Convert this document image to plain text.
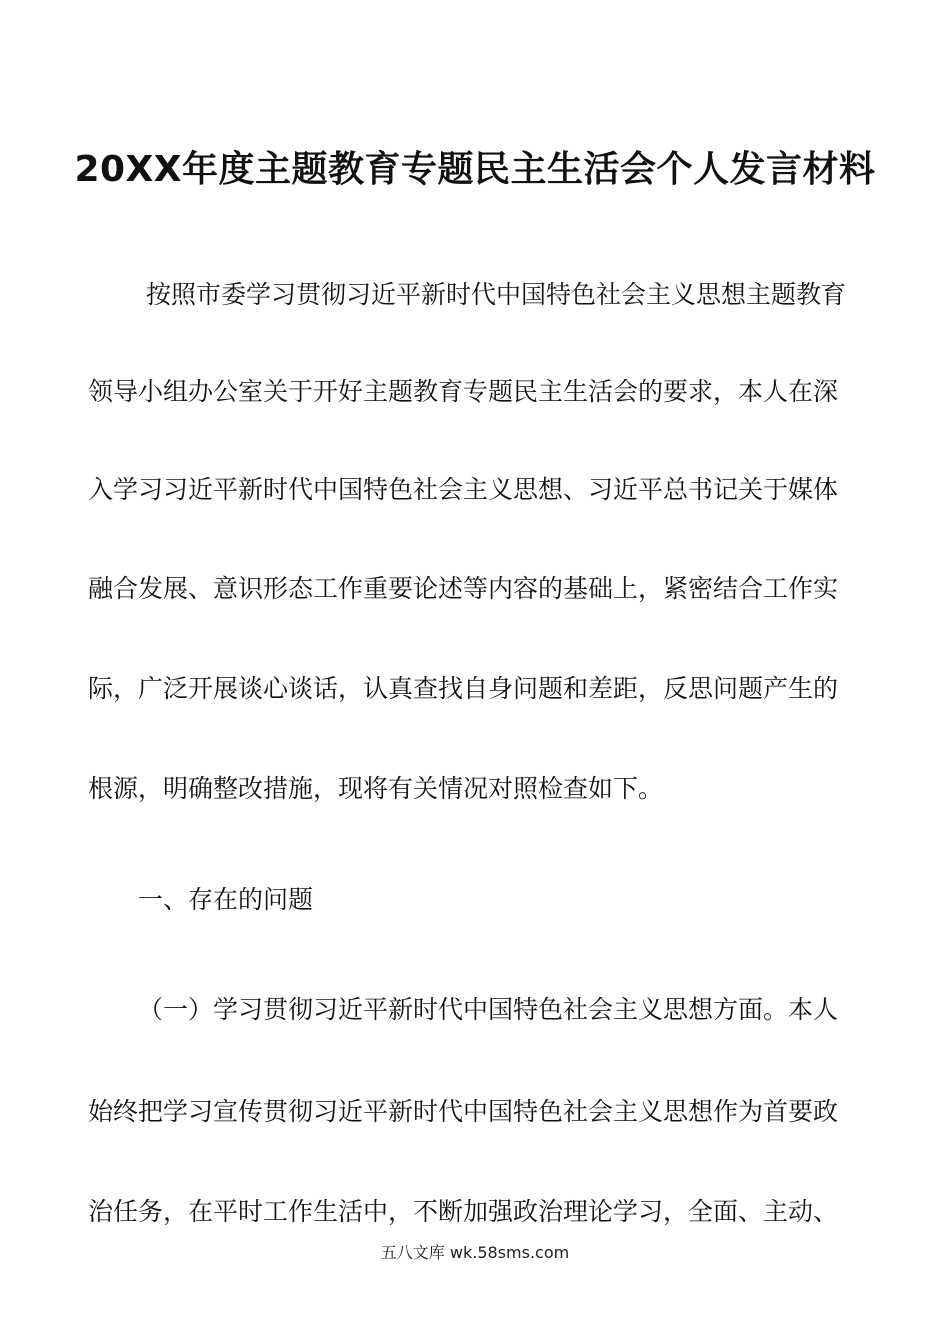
20XX年度主题教育专题民主生活会个人发言材料
按照市委学习贯彻习近平新时代中国特色社会主义思想主题教育
领导小组办公室关于开好主题教育专题民主生活会的要求，本人在深
入学习习近平新时代中国特色社会主义思想、习近平总书记关于媒体
融合发展、意识形态工作重要论述等内容的基础上，紧密结合工作实
际，广泛开展谈心谈话，认真查找自身问题和差距，反思问题产生的
根源，明确整改措施，现将有关情况对照检查如下。
一、存在的问题
（一）学习贯彻习近平新时代中国特色社会主义思想方面。本人
始终把学习宣传贯彻习近平新时代中国特色社会主义思想作为首要政
治任务，在平时工作生活中，不断加强政治理论学习，全面、主动、
五八文库 wk.58sms.com
